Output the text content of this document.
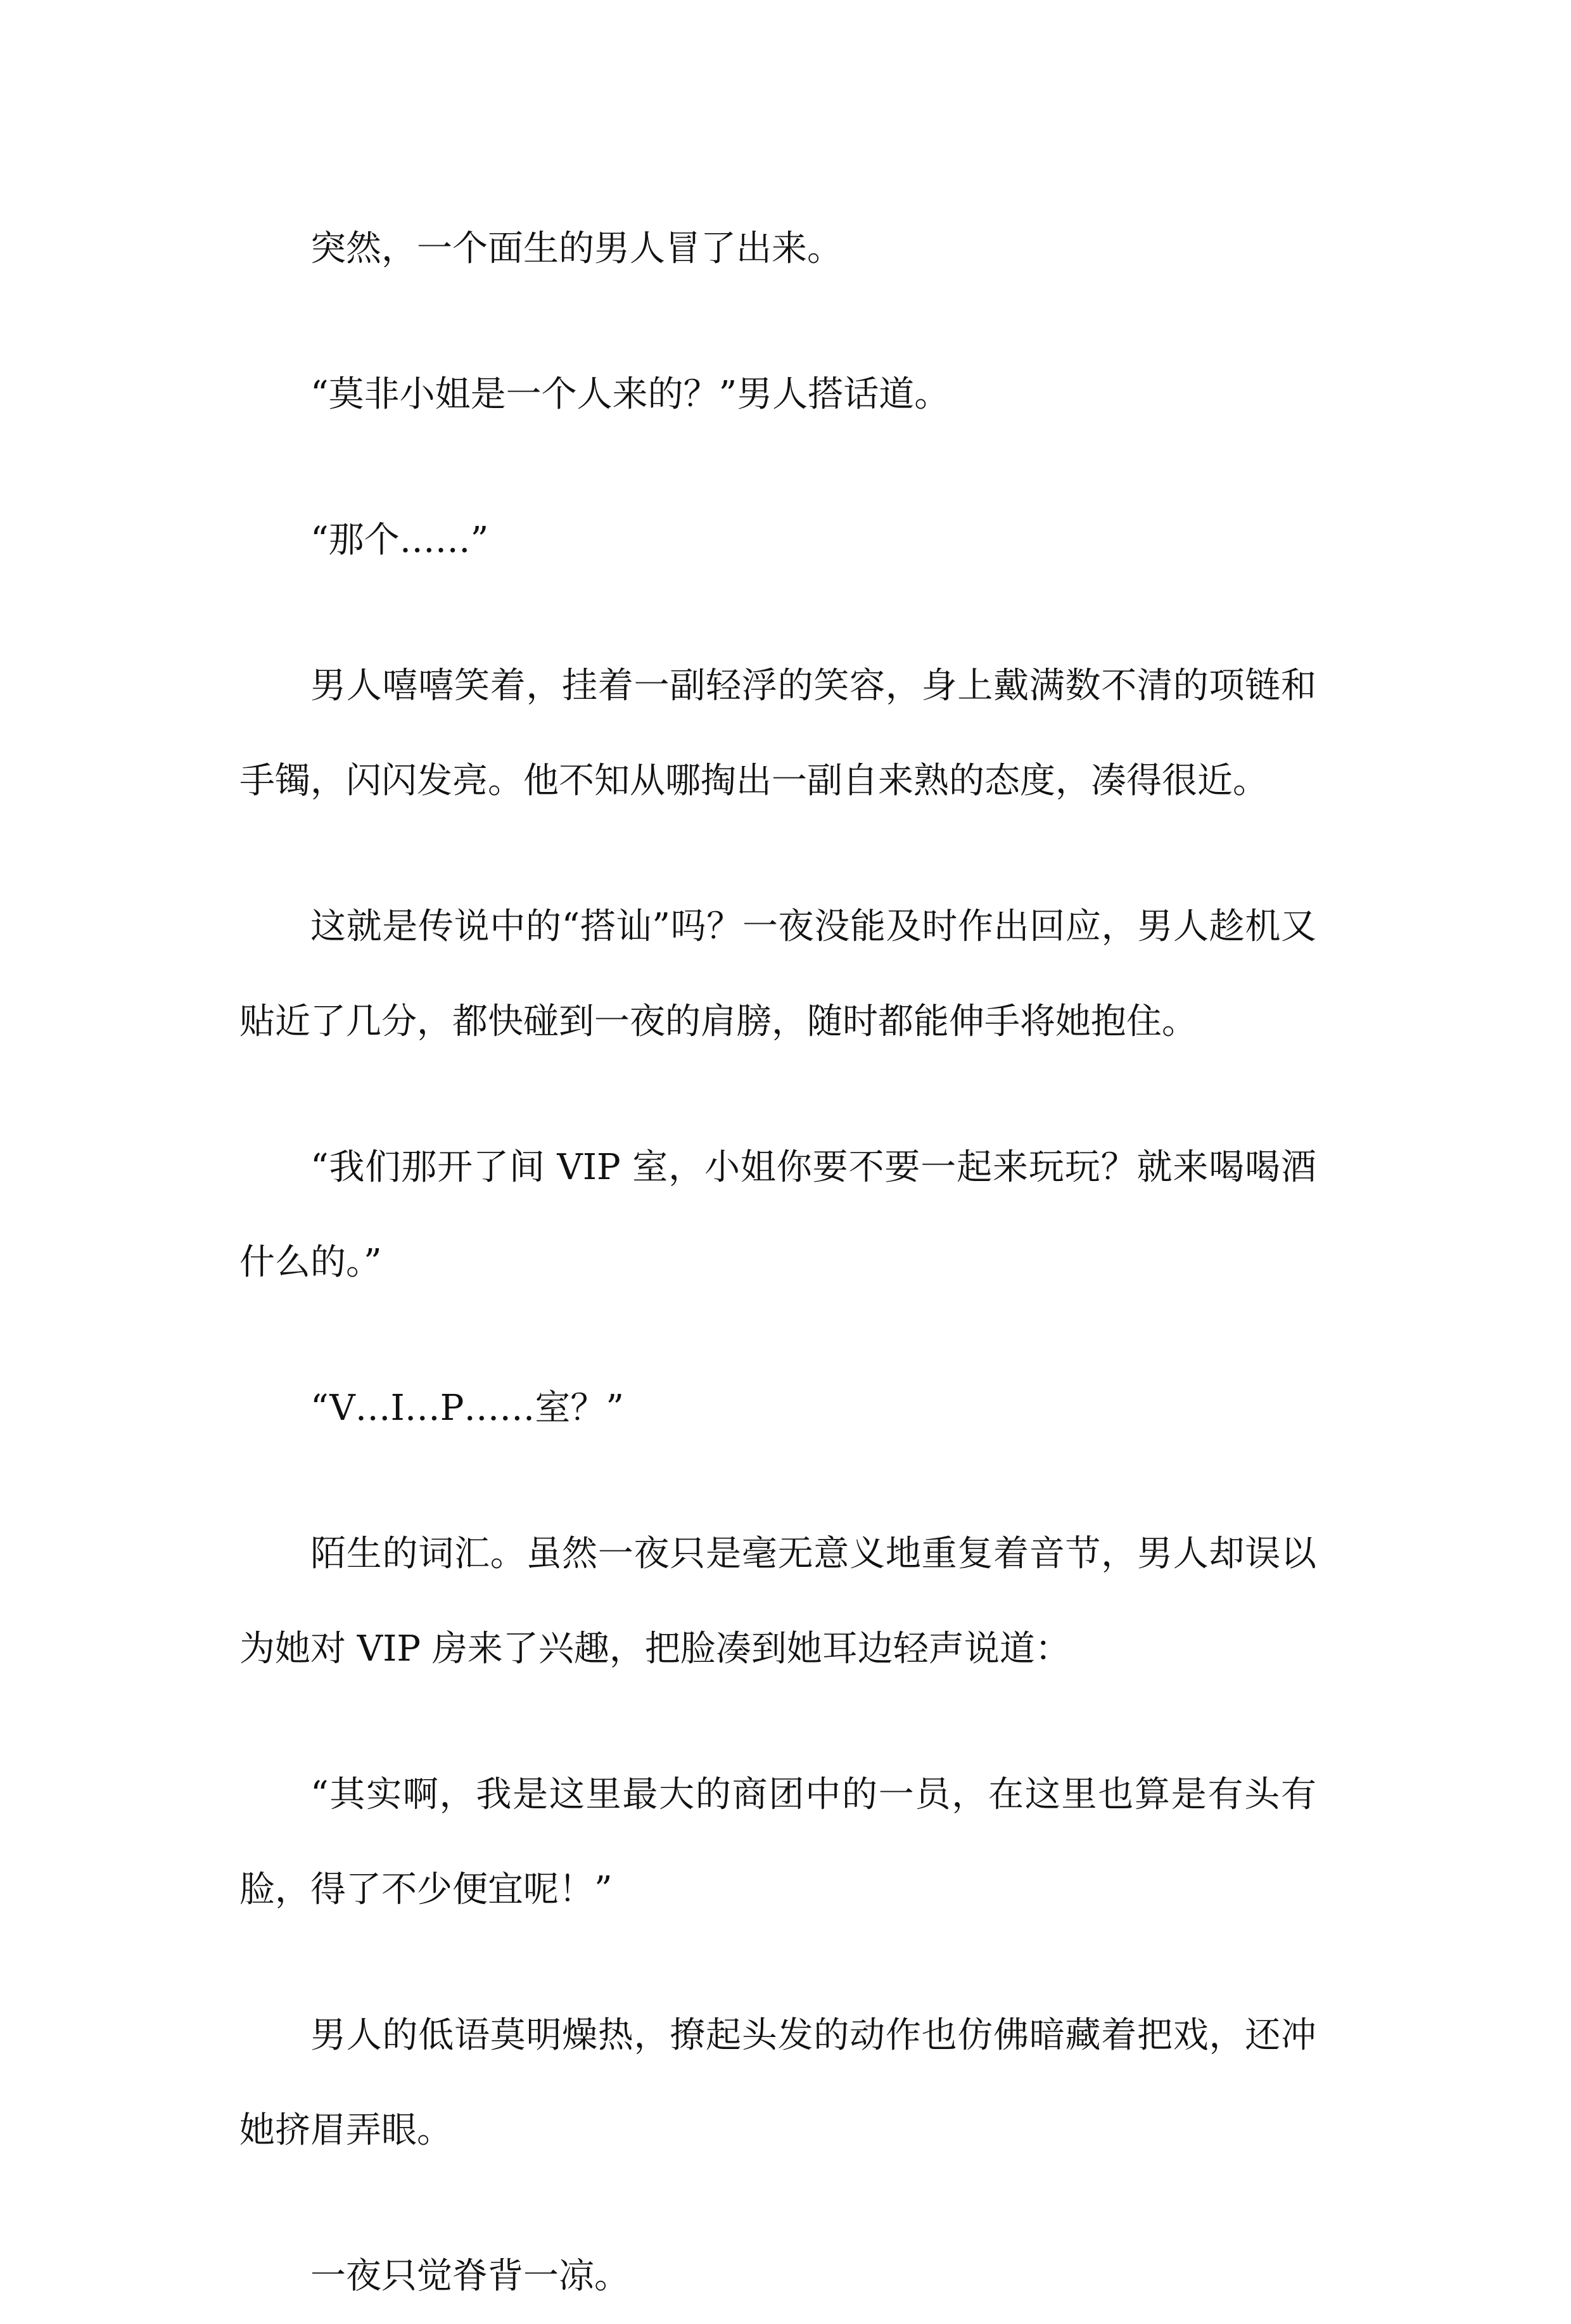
突然，一个面生的男人冒了出来。

“莫非小姐是一个人来的？”男人搭话道。

“那个……”

男人嘻嘻笑着，挂着一副轻浮的笑容，身上戴满数不清的项链和手镯，闪闪发亮。他不知从哪掏出一副自来熟的态度，凑得很近。

这就是传说中的“搭讪”吗？一夜没能及时作出回应，男人趁机又贴近了几分，都快碰到一夜的肩膀，随时都能伸手将她抱住。

“我们那开了间 VIP 室，小姐你要不要一起来玩玩？就来喝喝酒什么的。”

“V…I…P……室？”

陌生的词汇。虽然一夜只是毫无意义地重复着音节，男人却误以为她对 VIP 房来了兴趣，把脸凑到她耳边轻声说道：

“其实啊，我是这里最大的商团中的一员，在这里也算是有头有脸，得了不少便宜呢！”

男人的低语莫明燥热，撩起头发的动作也仿佛暗藏着把戏，还冲她挤眉弄眼。

一夜只觉脊背一凉。
